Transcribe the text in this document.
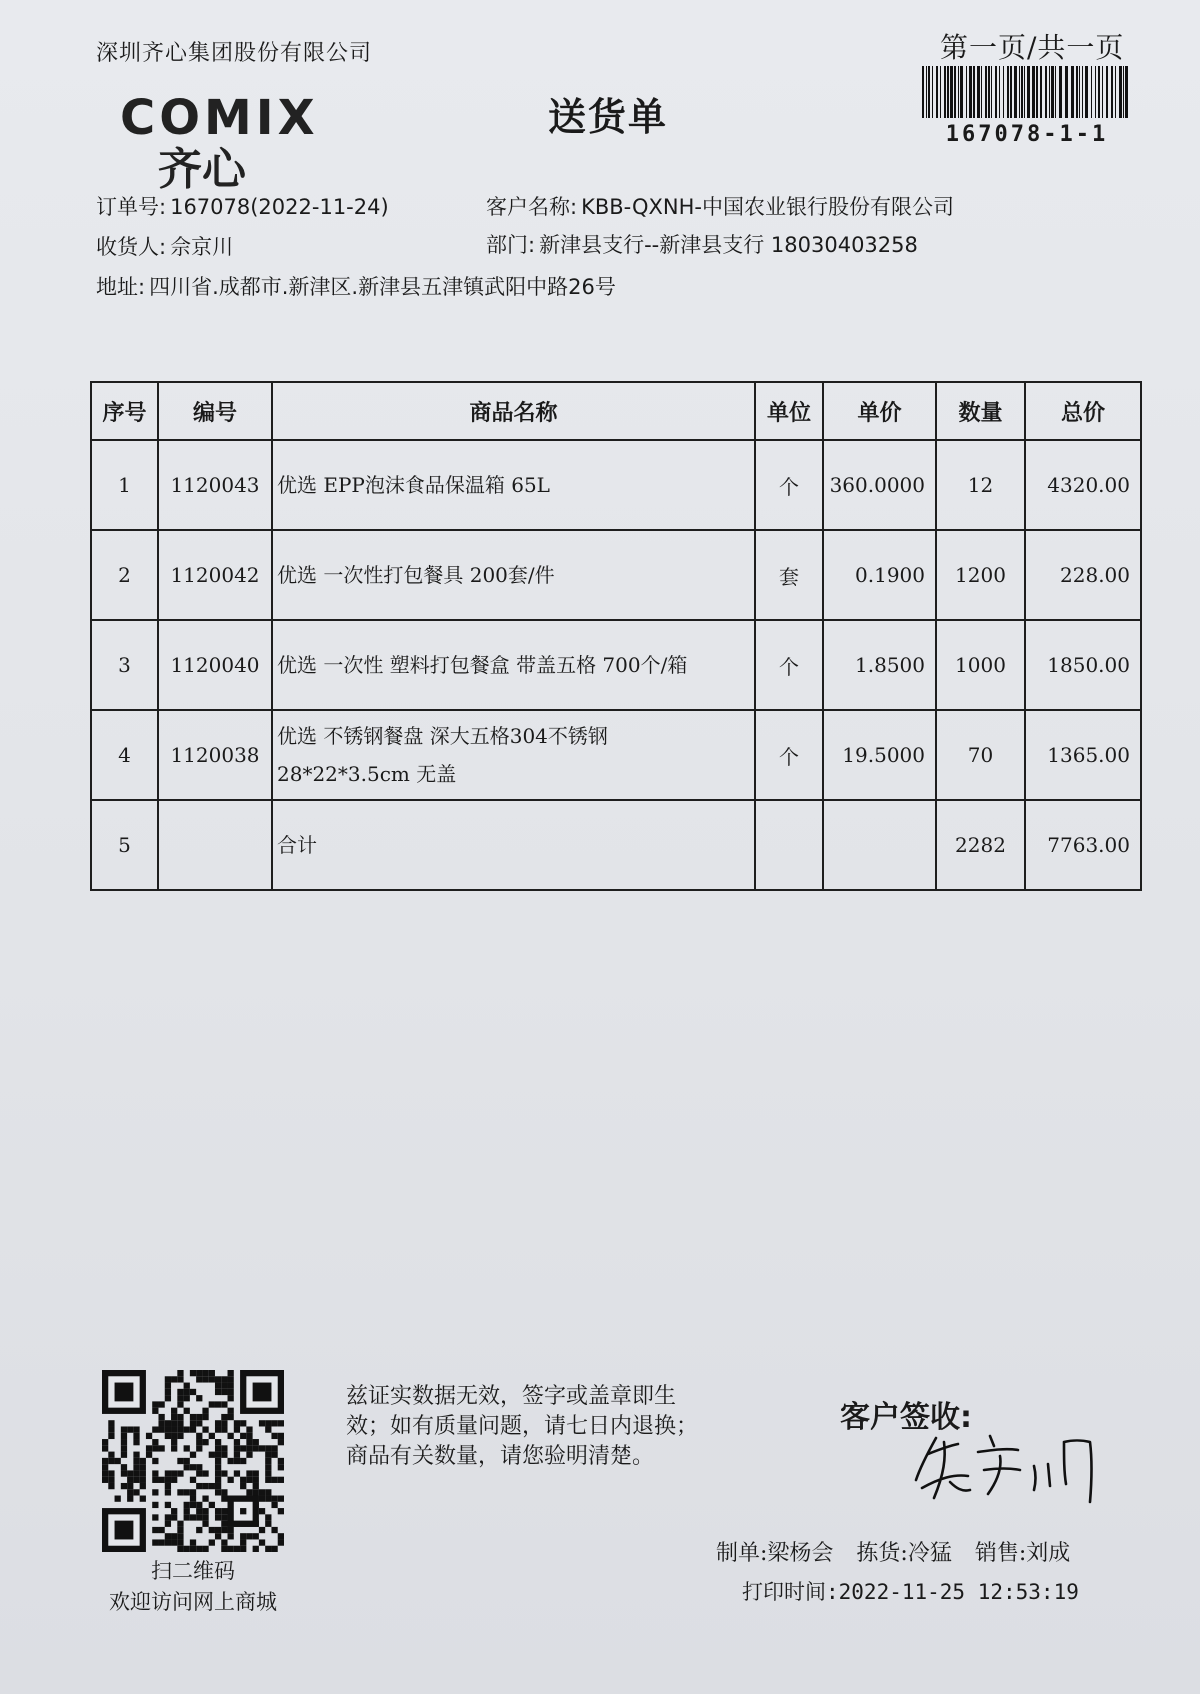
深圳齐心集团股份有限公司	第一页/共一页
167078-1-1
COMIX
齐心
送货单
订单号: 167078(2022-11-24)	客户名称: KBB-QXNH-中国农业银行股份有限公司
收货人: 佘京川	部门: 新津县支行--新津县支行 18030403258
地址: 四川省.成都市.新津区.新津县五津镇武阳中路26号
序号	编号	商品名称	单位	单价	数量	总价
1	1120043	优选 EPP泡沫食品保温箱 65L	个	360.0000	12	4320.00
2	1120042	优选 一次性打包餐具 200套/件	套	0.1900	1200	228.00
3	1120040	优选 一次性 塑料打包餐盒 带盖五格 700个/箱	个	1.8500	1000	1850.00
4	1120038	优选 不锈钢餐盘 深大五格304不锈钢
28*22*3.5cm 无盖	个	19.5000	70	1365.00
5		合计			2282	7763.00
扫二维码
欢迎访问网上商城
兹证实数据无效，签字或盖章即生
效；如有质量问题，请七日内退换；
商品有关数量，请您验明清楚。
客户签收:
制单:梁杨会 拣货:冷猛 销售:刘成
打印时间:2022-11-25 12:53:19
